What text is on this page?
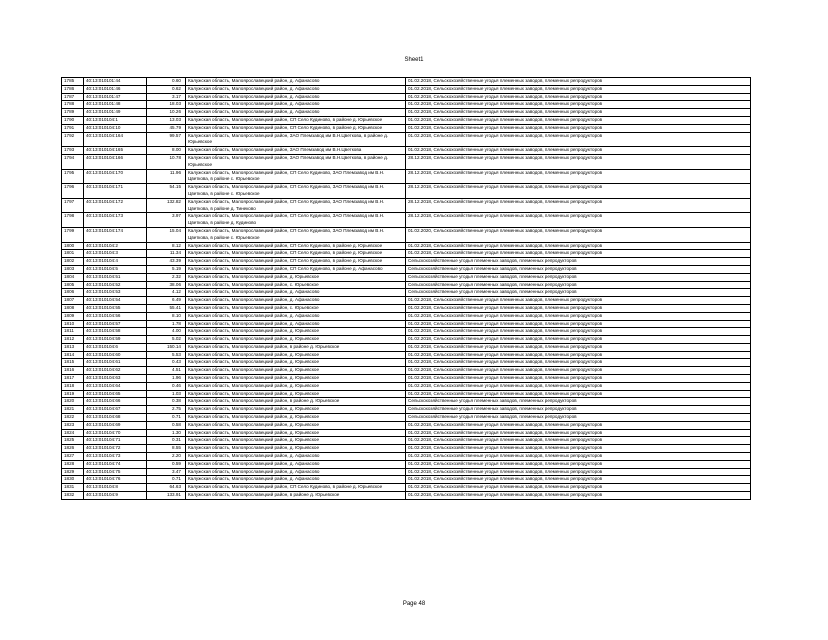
Sheet1
1785	40:13:010101:44	0.60	Калужская область, Малоярославецкий район, д. Афанасово	01.02.2018, Сельскохозяйственные угодья племенных заводов, племенных репродукторов
1786	40:13:010101:46	0.62	Калужская область, Малоярославецкий район, д. Афанасово	01.02.2018, Сельскохозяйственные угодья племенных заводов, племенных репродукторов
1787	40:13:010101:47	3.17	Калужская область, Малоярославецкий район, д. Афанасово	01.02.2018, Сельскохозяйственные угодья племенных заводов, племенных репродукторов
1788	40:13:010101:48	18.03	Калужская область, Малоярославецкий район, д. Афанасово	01.02.2018, Сельскохозяйственные угодья племенных заводов, племенных репродукторов
1789	40:13:010101:49	10.26	Калужская область, Малоярославецкий район, д. Афанасово	01.02.2018, Сельскохозяйственные угодья племенных заводов, племенных репродукторов
1790	40:13:010104:1	13.03	Калужская область, Малоярославецкий район, СП Село Кудиново, в районе д. Юрьевское	01.02.2018, Сельскохозяйственные угодья племенных заводов, племенных репродукторов
1791	40:13:010104:10	45.79	Калужская область, Малоярославецкий район, СП Село Кудиново, в районе д. Юрьевское	01.02.2018, Сельскохозяйственные угодья племенных заводов, племенных репродукторов
1792	40:13:010104:164	99.57	Калужская область, Малоярославецкий район, ЗАО Племзавод им В.Н.Цветкова, в районе д. Юрьевское	01.02.2018, Сельскохозяйственные угодья племенных заводов, племенных репродукторов
1793	40:13:010104:165	8.00	Калужская область, Малоярославецкий район, ЗАО Племзавод им В.Н.Цветкова	01.02.2018, Сельскохозяйственные угодья племенных заводов, племенных репродукторов
1794	40:13:010104:166	10.78	Калужская область, Малоярославецкий район, ЗАО Племзавод им В.Н.Цветкова, в районе д. Юрьевское	28.12.2018, Сельскохозяйственные угодья племенных заводов, племенных репродукторов
1795	40:13:010104:170	11.96	Калужская область, Малоярославецкий район, СП Село Кудиново, ЗАО Племзавод им В.Н. Цветкова, в районе с. Юрьевское	28.12.2018, Сельскохозяйственные угодья племенных заводов, племенных репродукторов
1796	40:13:010104:171	54.15	Калужская область, Малоярославецкий район, СП Село Кудиново, ЗАО Племзавод им В.Н. Цветкова, в районе с. Юрьевское	28.12.2018, Сельскохозяйственные угодья племенных заводов, племенных репродукторов
1797	40:13:010104:172	132.82	Калужская область, Малоярославецкий район, СП Село Кудиново, ЗАО Племзавод им В.Н. Цветкова, в районе д. Тинеково	28.12.2018, Сельскохозяйственные угодья племенных заводов, племенных репродукторов
1798	40:13:010104:173	3.97	Калужская область, Малоярославецкий район, СП Село Кудиново, ЗАО Племзавод им В.Н. Цветкова, в районе д. Кудиново	28.12.2018, Сельскохозяйственные угодья племенных заводов, племенных репродукторов
1799	40:13:010104:174	15.04	Калужская область, Малоярославецкий район, СП Село Кудиново, ЗАО Племзавод им В.Н. Цветкова, в районе с. Юрьевское	01.02.2020, Сельскохозяйственные угодья племенных заводов, племенных репродукторов
1800	40:13:010104:2	8.12	Калужская область, Малоярославецкий район, СП Село Кудиново, в районе д. Юрьевское	01.02.2018, Сельскохозяйственные угодья племенных заводов, племенных репродукторов
1801	40:13:010104:3	11.34	Калужская область, Малоярославецкий район, СП Село Кудиново, в районе д. Юрьевское	01.02.2018, Сельскохозяйственные угодья племенных заводов, племенных репродукторов
1802	40:13:010104:4	43.39	Калужская область, Малоярославецкий район, СП Село Кудиново, в районе д. Юрьевское	Сельскохозяйственные угодья племенных заводов, племенных репродукторов
1803	40:13:010104:5	5.19	Калужская область, Малоярославецкий район, СП Село Кудиново, в районе д. Афанасово	Сельскохозяйственные угодья племенных заводов, племенных репродукторов
1804	40:13:010104:51	2.32	Калужская область, Малоярославецкий район, д. Юрьевское	Сельскохозяйственные угодья племенных заводов, племенных репродукторов
1805	40:13:010104:52	38.06	Калужская область, Малоярославецкий район, с. Юрьевское	Сельскохозяйственные угодья племенных заводов, племенных репродукторов
1806	40:13:010104:53	4.12	Калужская область, Малоярославецкий район, д. Афанасово	Сельскохозяйственные угодья племенных заводов, племенных репродукторов
1807	40:13:010104:54	6.49	Калужская область, Малоярославецкий район, д. Афанасово	01.02.2018, Сельскохозяйственные угодья племенных заводов, племенных репродукторов
1808	40:13:010104:55	55.41	Калужская область, Малоярославецкий район, с. Юрьевское	01.02.2018, Сельскохозяйственные угодья племенных заводов, племенных репродукторов
1809	40:13:010104:56	8.10	Калужская область, Малоярославецкий район, д. Афанасово	01.02.2018, Сельскохозяйственные угодья племенных заводов, племенных репродукторов
1810	40:13:010104:57	1.78	Калужская область, Малоярославецкий район, д. Афанасово	01.02.2018, Сельскохозяйственные угодья племенных заводов, племенных репродукторов
1811	40:13:010104:58	4.00	Калужская область, Малоярославецкий район, д. Юрьевское	01.02.2018, Сельскохозяйственные угодья племенных заводов, племенных репродукторов
1812	40:13:010104:59	5.02	Калужская область, Малоярославецкий район, д. Юрьевское	01.02.2018, Сельскохозяйственные угодья племенных заводов, племенных репродукторов
1813	40:13:010104:6	150.14	Калужская область, Малоярославецкий район, в районе д. Юрьевское	01.02.2018, Сельскохозяйственные угодья племенных заводов, племенных репродукторов
1814	40:13:010104:60	5.53	Калужская область, Малоярославецкий район, д. Юрьевское	01.02.2018, Сельскохозяйственные угодья племенных заводов, племенных репродукторов
1815	40:13:010104:61	0.43	Калужская область, Малоярославецкий район, д. Юрьевское	01.02.2018, Сельскохозяйственные угодья племенных заводов, племенных репродукторов
1816	40:13:010104:62	4.51	Калужская область, Малоярославецкий район, д. Юрьевское	01.02.2018, Сельскохозяйственные угодья племенных заводов, племенных репродукторов
1817	40:13:010104:63	1.96	Калужская область, Малоярославецкий район, д. Юрьевское	01.02.2018, Сельскохозяйственные угодья племенных заводов, племенных репродукторов
1818	40:13:010104:64	0.46	Калужская область, Малоярославецкий район, д. Юрьевское	01.02.2018, Сельскохозяйственные угодья племенных заводов, племенных репродукторов
1819	40:13:010104:65	1.03	Калужская область, Малоярославецкий район, д. Юрьевское	01.02.2018, Сельскохозяйственные угодья племенных заводов, племенных репродукторов
1820	40:13:010104:66	0.38	Калужская область, Малоярославецкий район, в районе д. Юрьевское	Сельскохозяйственные угодья племенных заводов, племенных репродукторов
1821	40:13:010104:67	2.75	Калужская область, Малоярославецкий район, д. Юрьевское	Сельскохозяйственные угодья племенных заводов, племенных репродукторов
1822	40:13:010104:68	0.71	Калужская область, Малоярославецкий район, д. Юрьевское	Сельскохозяйственные угодья племенных заводов, племенных репродукторов
1823	40:13:010104:69	0.58	Калужская область, Малоярославецкий район, д. Юрьевское	01.02.2018, Сельскохозяйственные угодья племенных заводов, племенных репродукторов
1824	40:13:010104:70	1.30	Калужская область, Малоярославецкий район, д. Юрьевское	01.02.2018, Сельскохозяйственные угодья племенных заводов, племенных репродукторов
1825	40:13:010104:71	0.31	Калужская область, Малоярославецкий район, д. Юрьевское	01.02.2018, Сельскохозяйственные угодья племенных заводов, племенных репродукторов
1826	40:13:010104:72	8.55	Калужская область, Малоярославецкий район, д. Юрьевское	01.02.2018, Сельскохозяйственные угодья племенных заводов, племенных репродукторов
1827	40:13:010104:73	2.20	Калужская область, Малоярославецкий район, д. Афанасово	01.02.2018, Сельскохозяйственные угодья племенных заводов, племенных репродукторов
1828	40:13:010104:74	0.59	Калужская область, Малоярославецкий район, д. Афанасово	01.02.2018, Сельскохозяйственные угодья племенных заводов, племенных репродукторов
1829	40:13:010104:75	3.47	Калужская область, Малоярославецкий район, д. Афанасово	01.02.2018, Сельскохозяйственные угодья племенных заводов, племенных репродукторов
1830	40:13:010104:76	0.71	Калужская область, Малоярославецкий район, д. Афанасово	01.02.2018, Сельскохозяйственные угодья племенных заводов, племенных репродукторов
1831	40:13:010104:8	64.63	Калужская область, Малоярославецкий район, СП Село Кудиново, в районе д. Юрьевское	01.02.2018, Сельскохозяйственные угодья племенных заводов, племенных репродукторов
1832	40:13:010104:9	133.91	Калужская область, Малоярославецкий район, в районе д. Юрьевское	01.02.2018, Сельскохозяйственные угодья племенных заводов, племенных репродукторов
Page 48
